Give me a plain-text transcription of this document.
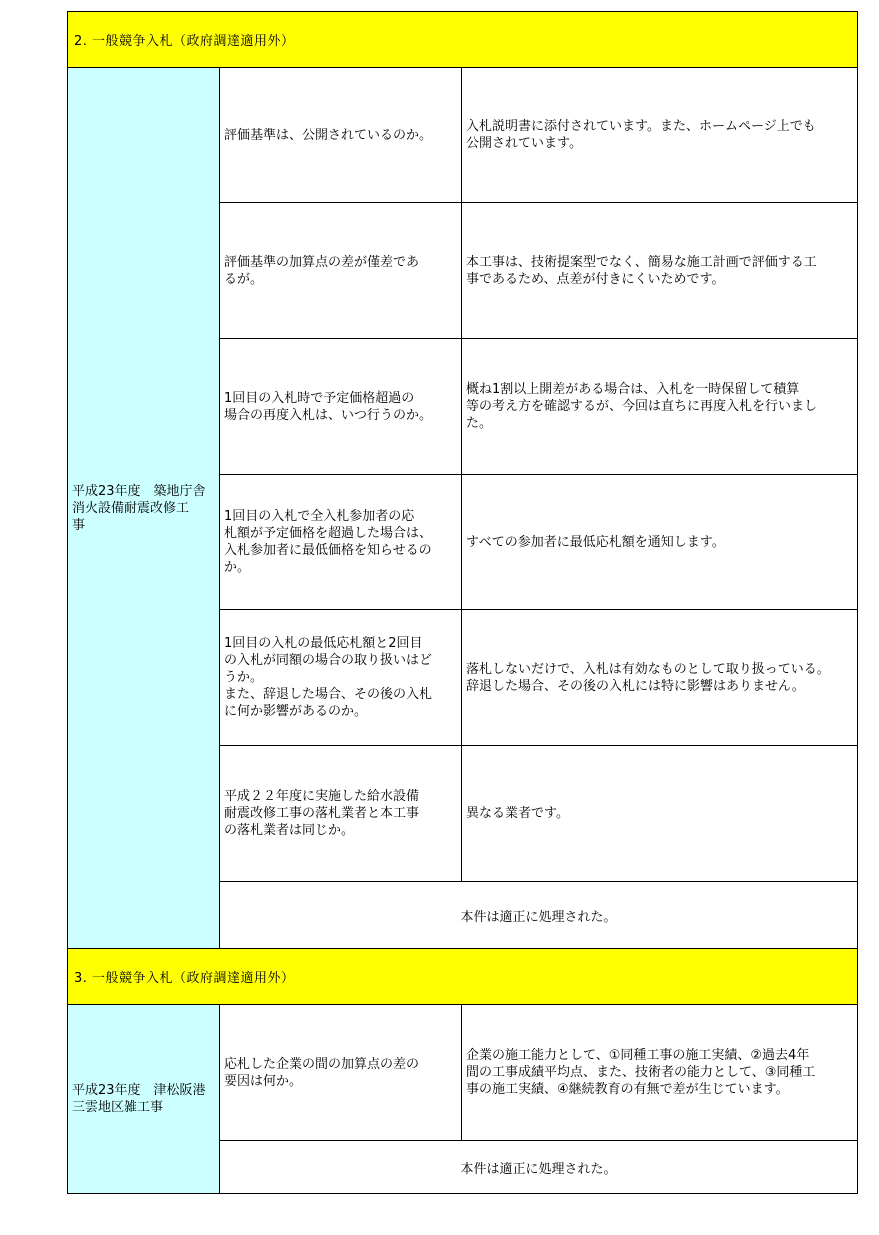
2. 一般競争入札（政府調達適用外）
平成23年度　築地庁舎
消火設備耐震改修工
事
評価基準は、公開されているのか。
入札説明書に添付されています。また、ホームページ上でも
公開されています。
評価基準の加算点の差が僅差であ
るが。
本工事は、技術提案型でなく、簡易な施工計画で評価する工
事であるため、点差が付きにくいためです。
1回目の入札時で予定価格超過の
場合の再度入札は、いつ行うのか。
概ね1割以上開差がある場合は、入札を一時保留して積算
等の考え方を確認するが、今回は直ちに再度入札を行いまし
た。
1回目の入札で全入札参加者の応
札額が予定価格を超過した場合は、
入札参加者に最低価格を知らせるの
か。
すべての参加者に最低応札額を通知します。
1回目の入札の最低応札額と2回目
の入札が同額の場合の取り扱いはど
うか。
また、辞退した場合、その後の入札
に何か影響があるのか。
落札しないだけで、入札は有効なものとして取り扱っている。
辞退した場合、その後の入札には特に影響はありません。
平成２２年度に実施した給水設備
耐震改修工事の落札業者と本工事
の落札業者は同じか。
異なる業者です。
本件は適正に処理された。
3. 一般競争入札（政府調達適用外）
平成23年度　津松阪港
三雲地区雑工事
応札した企業の間の加算点の差の
要因は何か。
企業の施工能力として、①同種工事の施工実績、②過去4年
間の工事成績平均点、また、技術者の能力として、③同種工
事の施工実績、④継続教育の有無で差が生じています。
本件は適正に処理された。
